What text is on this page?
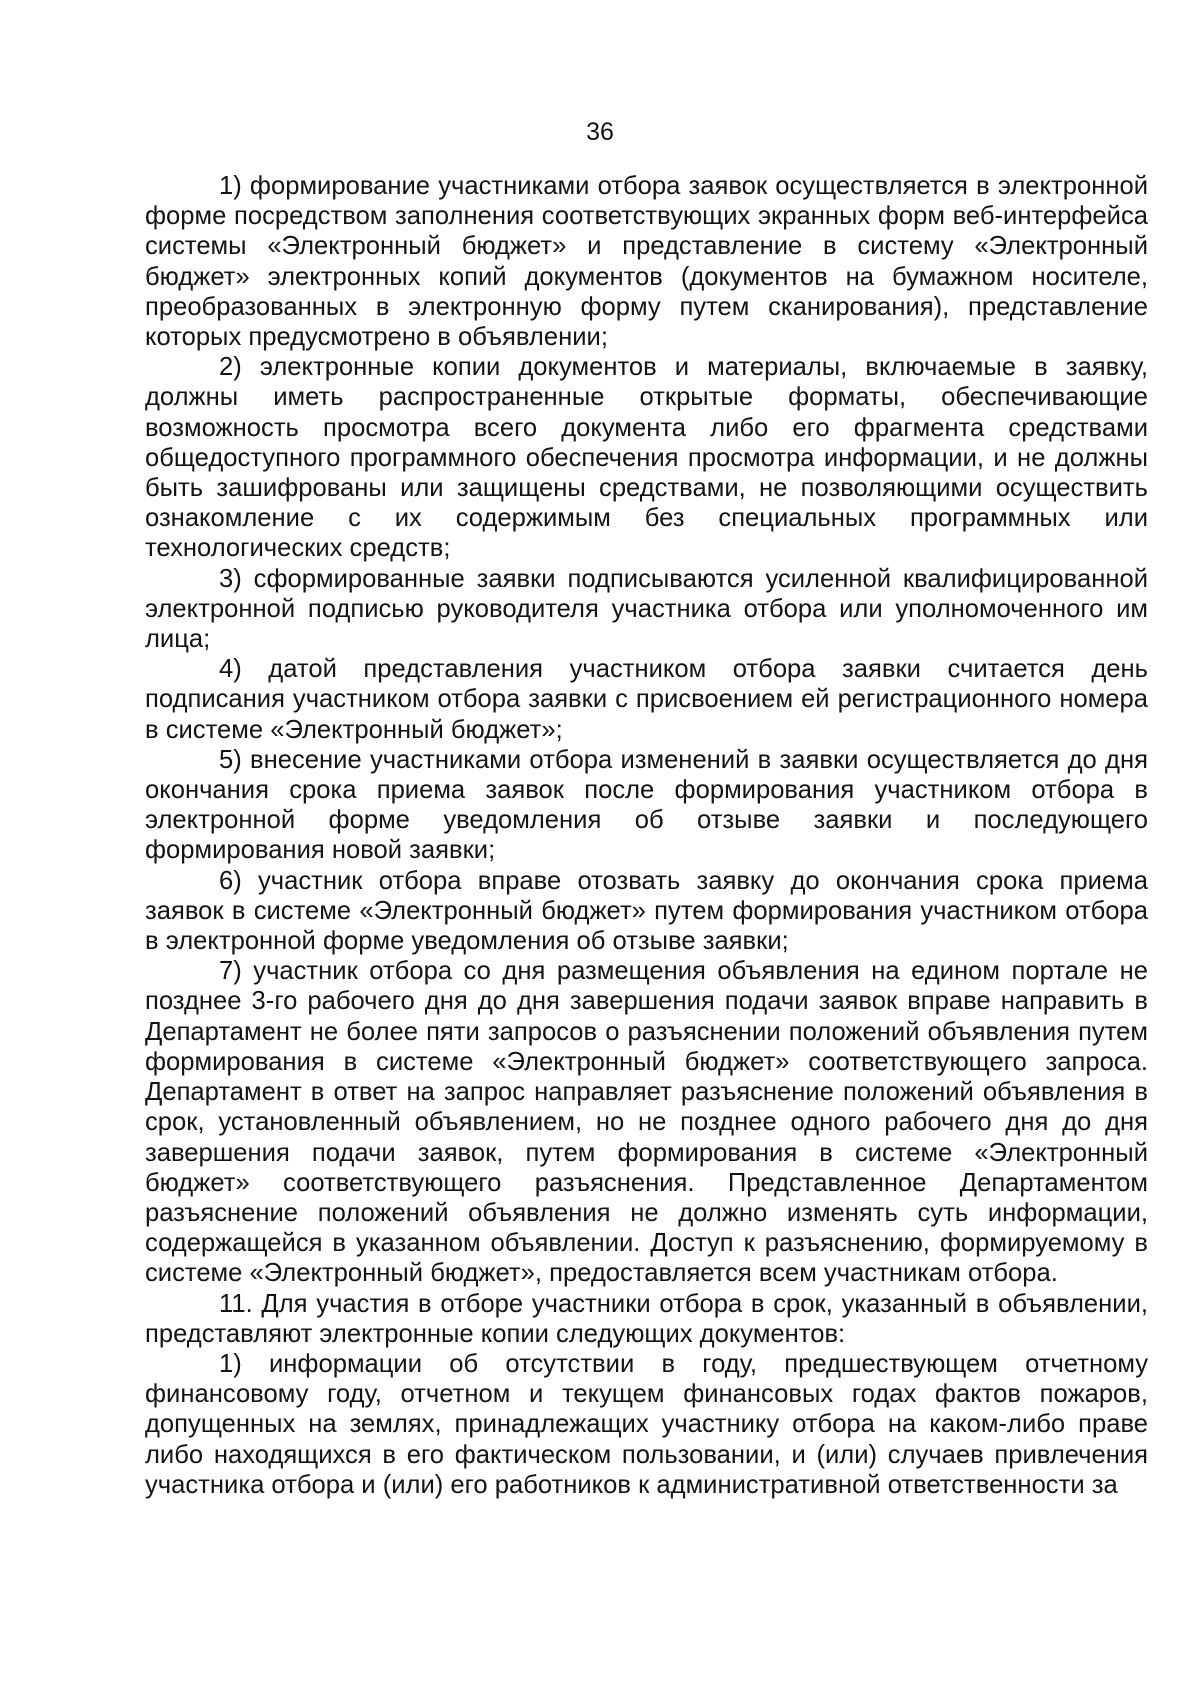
36

1) формирование участниками отбора заявок осуществляется в электронной форме посредством заполнения соответствующих экранных форм веб-интерфейса системы «Электронный бюджет» и представление в систему «Электронный бюджет» электронных копий документов (документов на бумажном носителе, преобразованных в электронную форму путем сканирования), представление которых предусмотрено в объявлении;

2) электронные копии документов и материалы, включаемые в заявку, должны иметь распространенные открытые форматы, обеспечивающие возможность просмотра всего документа либо его фрагмента средствами общедоступного программного обеспечения просмотра информации, и не должны быть зашифрованы или защищены средствами, не позволяющими осуществить ознакомление с их содержимым без специальных программных или технологических средств;

3) сформированные заявки подписываются усиленной квалифицированной электронной подписью руководителя участника отбора или уполномоченного им лица;

4) датой представления участником отбора заявки считается день подписания участником отбора заявки с присвоением ей регистрационного номера в системе «Электронный бюджет»;

5) внесение участниками отбора изменений в заявки осуществляется до дня окончания срока приема заявок после формирования участником отбора в электронной форме уведомления об отзыве заявки и последующего формирования новой заявки;

6) участник отбора вправе отозвать заявку до окончания срока приема заявок в системе «Электронный бюджет» путем формирования участником отбора в электронной форме уведомления об отзыве заявки;

7) участник отбора со дня размещения объявления на едином портале не позднее 3-го рабочего дня до дня завершения подачи заявок вправе направить в Департамент не более пяти запросов о разъяснении положений объявления путем формирования в системе «Электронный бюджет» соответствующего запроса. Департамент в ответ на запрос направляет разъяснение положений объявления в срок, установленный объявлением, но не позднее одного рабочего дня до дня завершения подачи заявок, путем формирования в системе «Электронный бюджет» соответствующего разъяснения. Представленное Департаментом разъяснение положений объявления не должно изменять суть информации, содержащейся в указанном объявлении. Доступ к разъяснению, формируемому в системе «Электронный бюджет», предоставляется всем участникам отбора.

11. Для участия в отборе участники отбора в срок, указанный в объявлении, представляют электронные копии следующих документов:

1) информации об отсутствии в году, предшествующем отчетному финансовому году, отчетном и текущем финансовых годах фактов пожаров, допущенных на землях, принадлежащих участнику отбора на каком-либо праве либо находящихся в его фактическом пользовании, и (или) случаев привлечения участника отбора и (или) его работников к административной ответственности за
